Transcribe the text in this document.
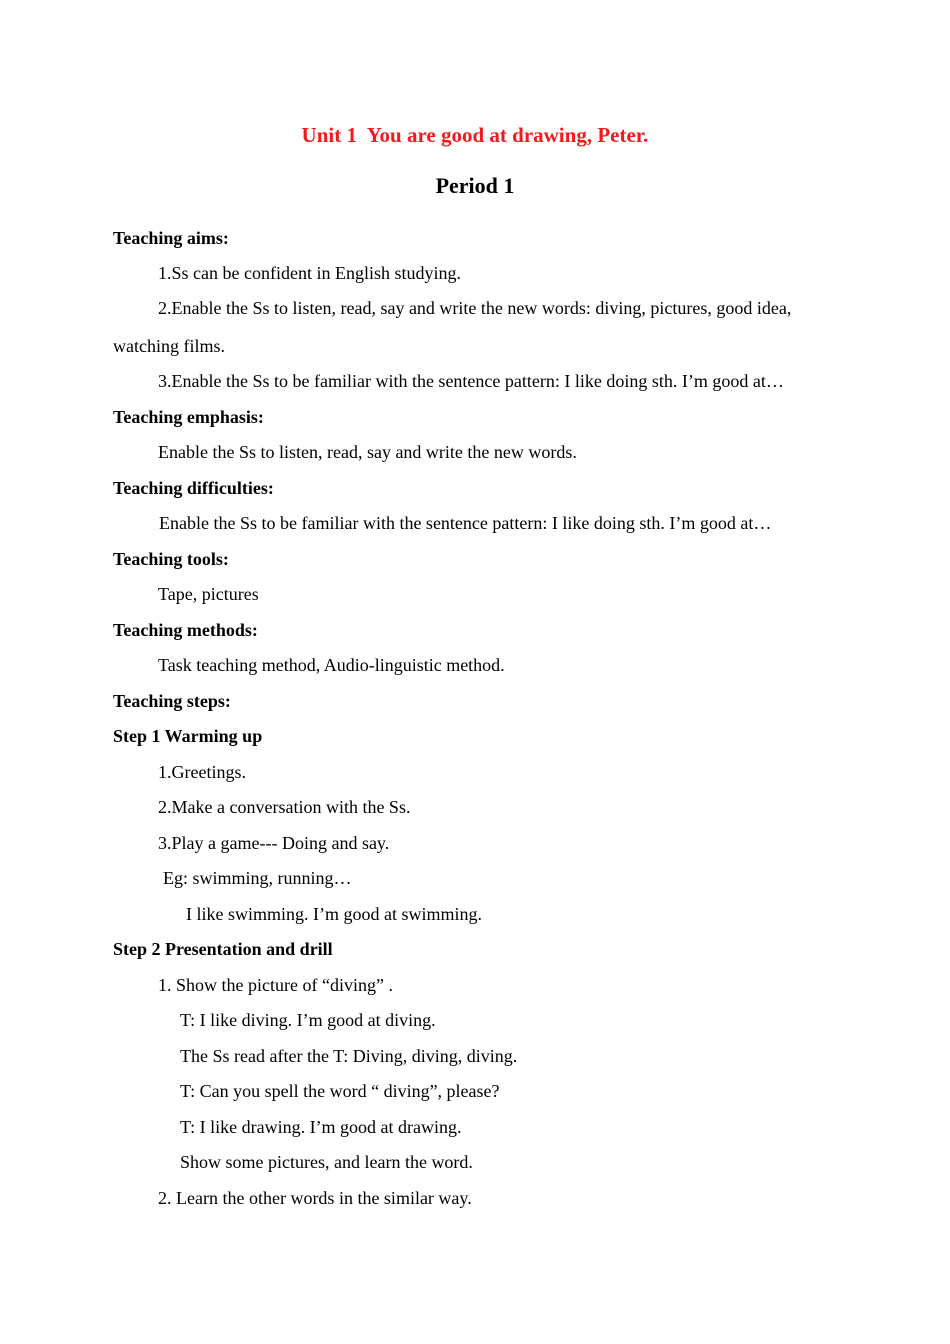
Unit 1  You are good at drawing, Peter.
Period 1
Teaching aims:
1.Ss can be confident in English studying.
2.Enable the Ss to listen, read, say and write the new words: diving, pictures, good idea,
watching films.
3.Enable the Ss to be familiar with the sentence pattern: I like doing sth. I’m good at…
Teaching emphasis:
Enable the Ss to listen, read, say and write the new words.
Teaching difficulties:
Enable the Ss to be familiar with the sentence pattern: I like doing sth. I’m good at…
Teaching tools:
Tape, pictures
Teaching methods:
Task teaching method, Audio-linguistic method.
Teaching steps:
Step 1 Warming up
1.Greetings.
2.Make a conversation with the Ss.
3.Play a game--- Doing and say.
Eg: swimming, running…
I like swimming. I’m good at swimming.
Step 2 Presentation and drill
1. Show the picture of “diving” .
T: I like diving. I’m good at diving.
The Ss read after the T: Diving, diving, diving.
T: Can you spell the word “ diving”, please?
T: I like drawing. I’m good at drawing.
Show some pictures, and learn the word.
2. Learn the other words in the similar way.
